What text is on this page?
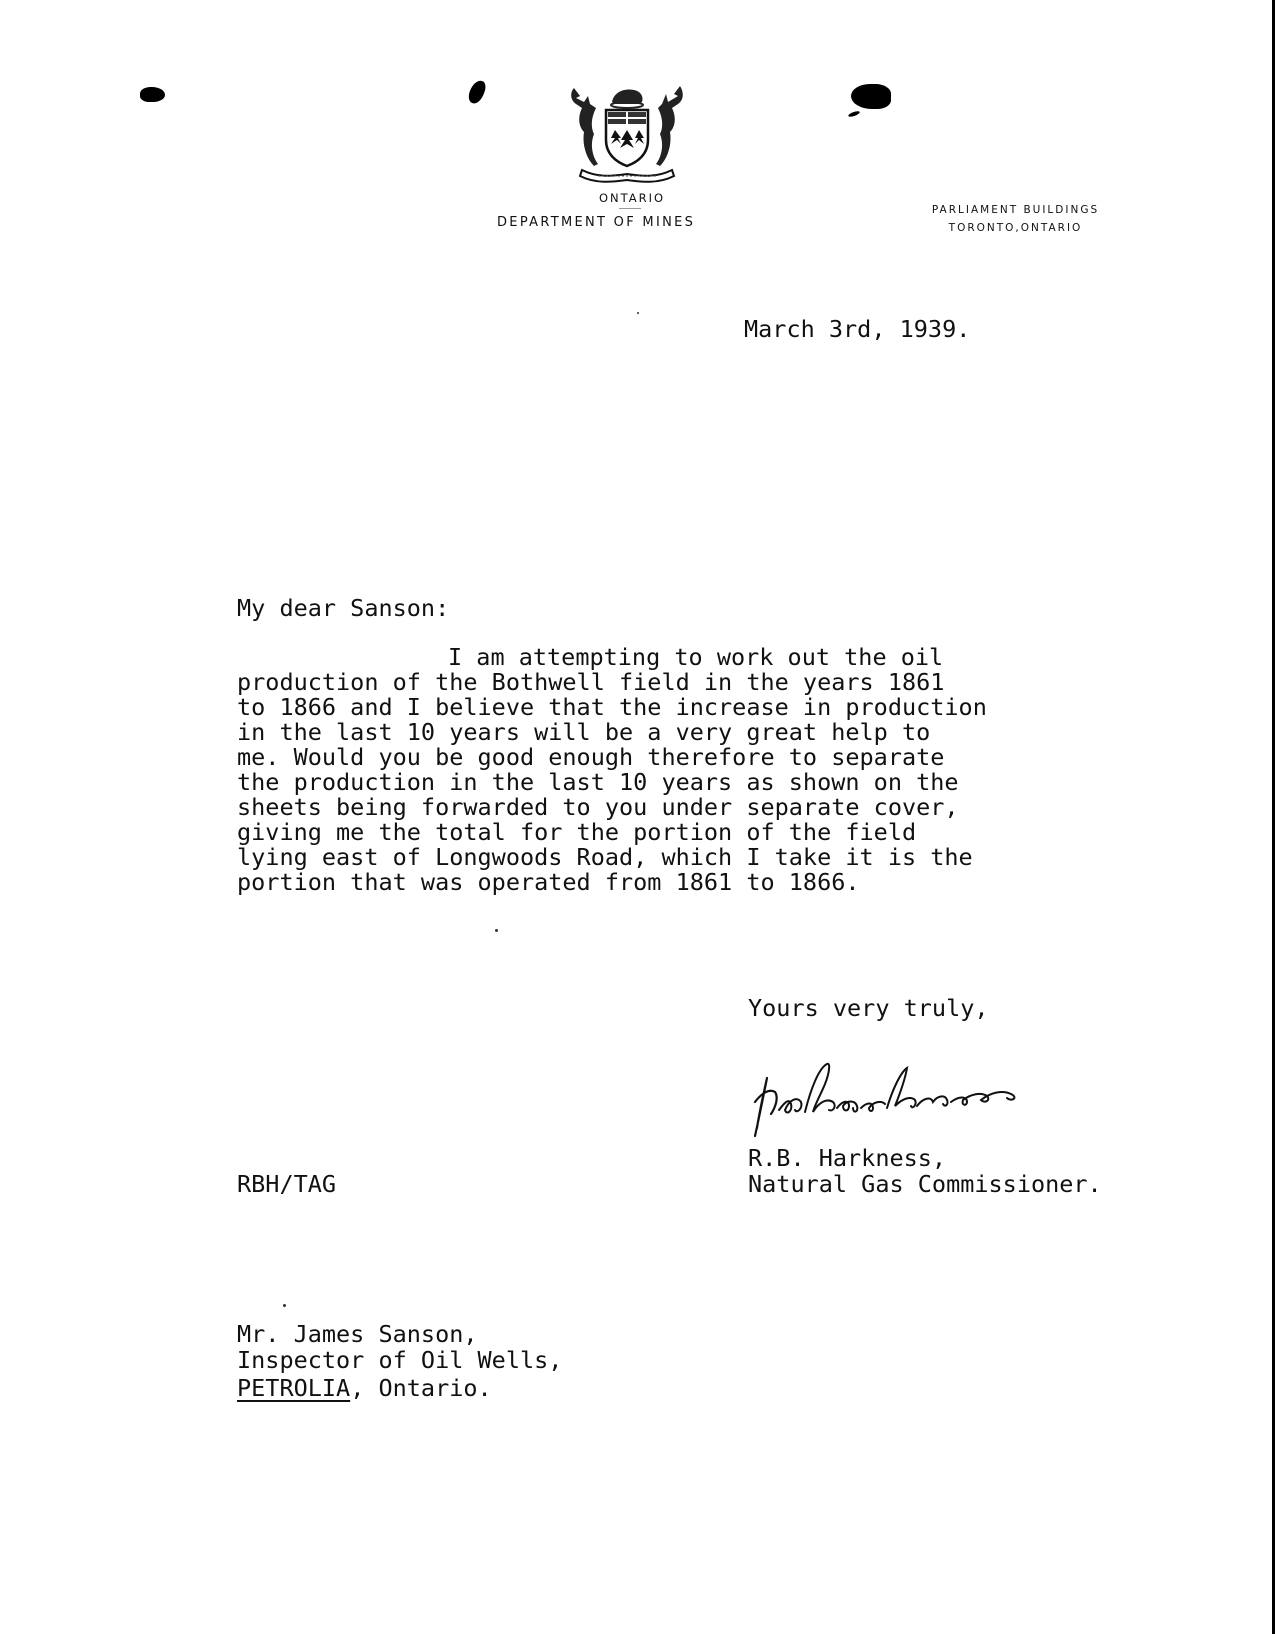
ONTARIO
DEPARTMENT OF MINES
PARLIAMENT BUILDINGS
TORONTO,ONTARIO
March 3rd, 1939.
My dear Sanson:
I am attempting to work out the oil
production of the Bothwell field in the years 1861
to 1866 and I believe that the increase in production
in the last 10 years will be a very great help to
me. Would you be good enough therefore to separate
the production in the last 10 years as shown on the
sheets being forwarded to you under separate cover,
giving me the total for the portion of the field
lying east of Longwoods Road, which I take it is the
portion that was operated from 1861 to 1866.
Yours very truly,
R.B. Harkness,
Natural Gas Commissioner.
RBH/TAG
Mr. James Sanson,
Inspector of Oil Wells,
PETROLIA, Ontario.
